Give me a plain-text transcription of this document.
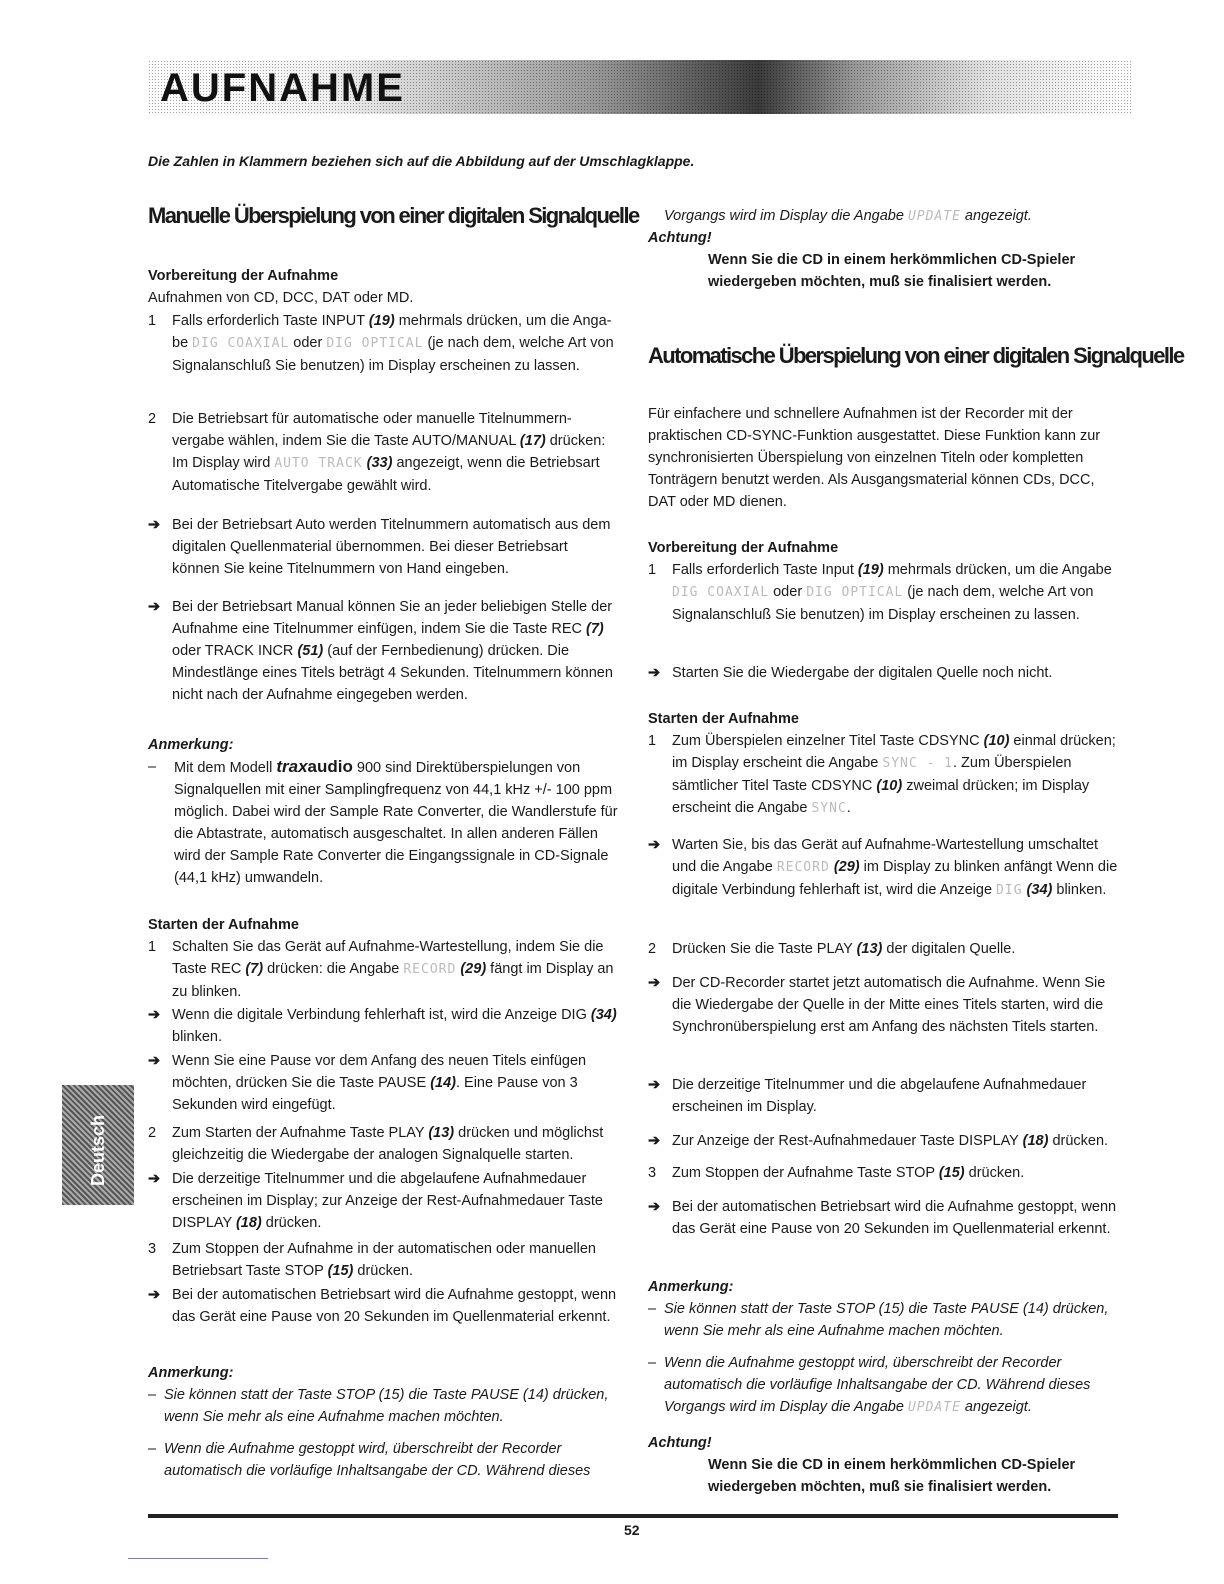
AUFNAHME
Die Zahlen in Klammern beziehen sich auf die Abbildung auf der Umschlagklappe.
Manuelle Überspielung von einer digitalen Signalquelle
Vorbereitung der Aufnahme
Aufnahmen von CD, DCC, DAT oder MD.
1	Falls erforderlich Taste INPUT (19) mehrmals drücken, um die Anga-be DIG COAXIAL oder DIG OPTICAL (je nach dem, welche Art von Signalanschluß Sie benutzen) im Display erscheinen zu lassen.
2	Die Betriebsart für automatische oder manuelle Titelnummern-vergabe wählen, indem Sie die Taste AUTO/MANUAL (17) drücken: Im Display wird AUTO TRACK (33) angezeigt, wenn die Betriebsart Automatische Titelvergabe gewählt wird.
➔ Bei der Betriebsart Auto werden Titelnummern automatisch aus dem digitalen Quellenmaterial übernommen. Bei dieser Betriebsart können Sie keine Titelnummern von Hand eingeben.
➔ Bei der Betriebsart Manual können Sie an jeder beliebigen Stelle der Aufnahme eine Titelnummer einfügen, indem Sie die Taste REC (7) oder TRACK INCR (51) (auf der Fernbedienung) drücken. Die Mindestlänge eines Titels beträgt 4 Sekunden. Titelnummern können nicht nach der Aufnahme eingegeben werden.
Anmerkung:
–	Mit dem Modell traxaudio 900 sind Direktüberspielungen von Signalquellen mit einer Samplingfrequenz von 44,1 kHz +/- 100 ppm möglich. Dabei wird der Sample Rate Converter, die Wandlerstufe für die Abtastrate, automatisch ausgeschaltet. In allen anderen Fällen wird der Sample Rate Converter die Eingangssignale in CD-Signale (44,1 kHz) umwandeln.
Starten der Aufnahme
1	Schalten Sie das Gerät auf Aufnahme-Wartestellung, indem Sie die Taste REC (7) drücken: die Angabe RECORD (29) fängt im Display an zu blinken.
➔ Wenn die digitale Verbindung fehlerhaft ist, wird die Anzeige DIG (34) blinken.
➔ Wenn Sie eine Pause vor dem Anfang des neuen Titels einfügen möchten, drücken Sie die Taste PAUSE (14). Eine Pause von 3 Sekunden wird eingefügt.
2	Zum Starten der Aufnahme Taste PLAY (13) drücken und möglichst gleichzeitig die Wiedergabe der analogen Signalquelle starten.
➔ Die derzeitige Titelnummer und die abgelaufene Aufnahmedauer erscheinen im Display; zur Anzeige der Rest-Aufnahmedauer Taste DISPLAY (18) drücken.
3	Zum Stoppen der Aufnahme in der automatischen oder manuellen Betriebsart Taste STOP (15) drücken.
➔ Bei der automatischen Betriebsart wird die Aufnahme gestoppt, wenn das Gerät eine Pause von 20 Sekunden im Quellenmaterial erkennt.
Anmerkung:
– Sie können statt der Taste STOP (15) die Taste PAUSE (14) drücken, wenn Sie mehr als eine Aufnahme machen möchten.
– Wenn die Aufnahme gestoppt wird, überschreibt der Recorder automatisch die vorläufige Inhaltsangabe der CD. Während dieses
Vorgangs wird im Display die Angabe UPDATE angezeigt.
Achtung!
Wenn Sie die CD in einem herkömmlichen CD-Spieler wiedergeben möchten, muß sie finalisiert werden.
Automatische Überspielung von einer digitalen Signalquelle
Für einfachere und schnellere Aufnahmen ist der Recorder mit der praktischen CD-SYNC-Funktion ausgestattet. Diese Funktion kann zur synchronisierten Überspielung von einzelnen Titeln oder kompletten Tonträgern benutzt werden. Als Ausgangsmaterial können CDs, DCC, DAT oder MD dienen.
Vorbereitung der Aufnahme
1	Falls erforderlich Taste Input (19) mehrmals drücken, um die Angabe DIG COAXIAL oder DIG OPTICAL (je nach dem, welche Art von Signalanschluß Sie benutzen) im Display erscheinen zu lassen.
➔ Starten Sie die Wiedergabe der digitalen Quelle noch nicht.
Starten der Aufnahme
1	Zum Überspielen einzelner Titel Taste CDSYNC (10) einmal drücken; im Display erscheint die Angabe SYNC - 1. Zum Überspielen sämtlicher Titel Taste CDSYNC (10) zweimal drücken; im Display erscheint die Angabe SYNC.
➔ Warten Sie, bis das Gerät auf Aufnahme-Wartestellung umschaltet und die Angabe RECORD (29) im Display zu blinken anfängt Wenn die digitale Verbindung fehlerhaft ist, wird die Anzeige DIG (34) blinken.
2	Drücken Sie die Taste PLAY (13) der digitalen Quelle.
➔ Der CD-Recorder startet jetzt automatisch die Aufnahme. Wenn Sie die Wiedergabe der Quelle in der Mitte eines Titels starten, wird die Synchronüberspielung erst am Anfang des nächsten Titels starten.
➔ Die derzeitige Titelnummer und die abgelaufene Aufnahmedauer erscheinen im Display.
➔ Zur Anzeige der Rest-Aufnahmedauer Taste DISPLAY (18) drücken.
3	Zum Stoppen der Aufnahme Taste STOP (15) drücken.
➔ Bei der automatischen Betriebsart wird die Aufnahme gestoppt, wenn das Gerät eine Pause von 20 Sekunden im Quellenmaterial erkennt.
Anmerkung:
– Sie können statt der Taste STOP (15) die Taste PAUSE (14) drücken, wenn Sie mehr als eine Aufnahme machen möchten.
– Wenn die Aufnahme gestoppt wird, überschreibt der Recorder automatisch die vorläufige Inhaltsangabe der CD. Während dieses Vorgangs wird im Display die Angabe UPDATE angezeigt.
Achtung!
Wenn Sie die CD in einem herkömmlichen CD-Spieler wiedergeben möchten, muß sie finalisiert werden.
Deutsch
52
